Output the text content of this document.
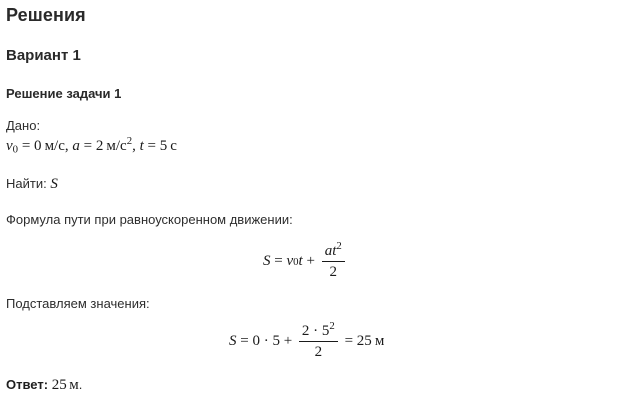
Решения
Вариант 1
Решение задачи 1
Дано:
$v_0 = 0$  м/с, a = 2  $м/с^2$, t = 5  с
Найти: S
Формула пути при равноускоренном движении:
S = v 0 $t + \frac{at^2}{2}$
Подставляем значения:
$S = 0 \cdot 5 + \frac{2 \cdot 5^2}{2} = 25$
  м
Ответ: 25  м.
